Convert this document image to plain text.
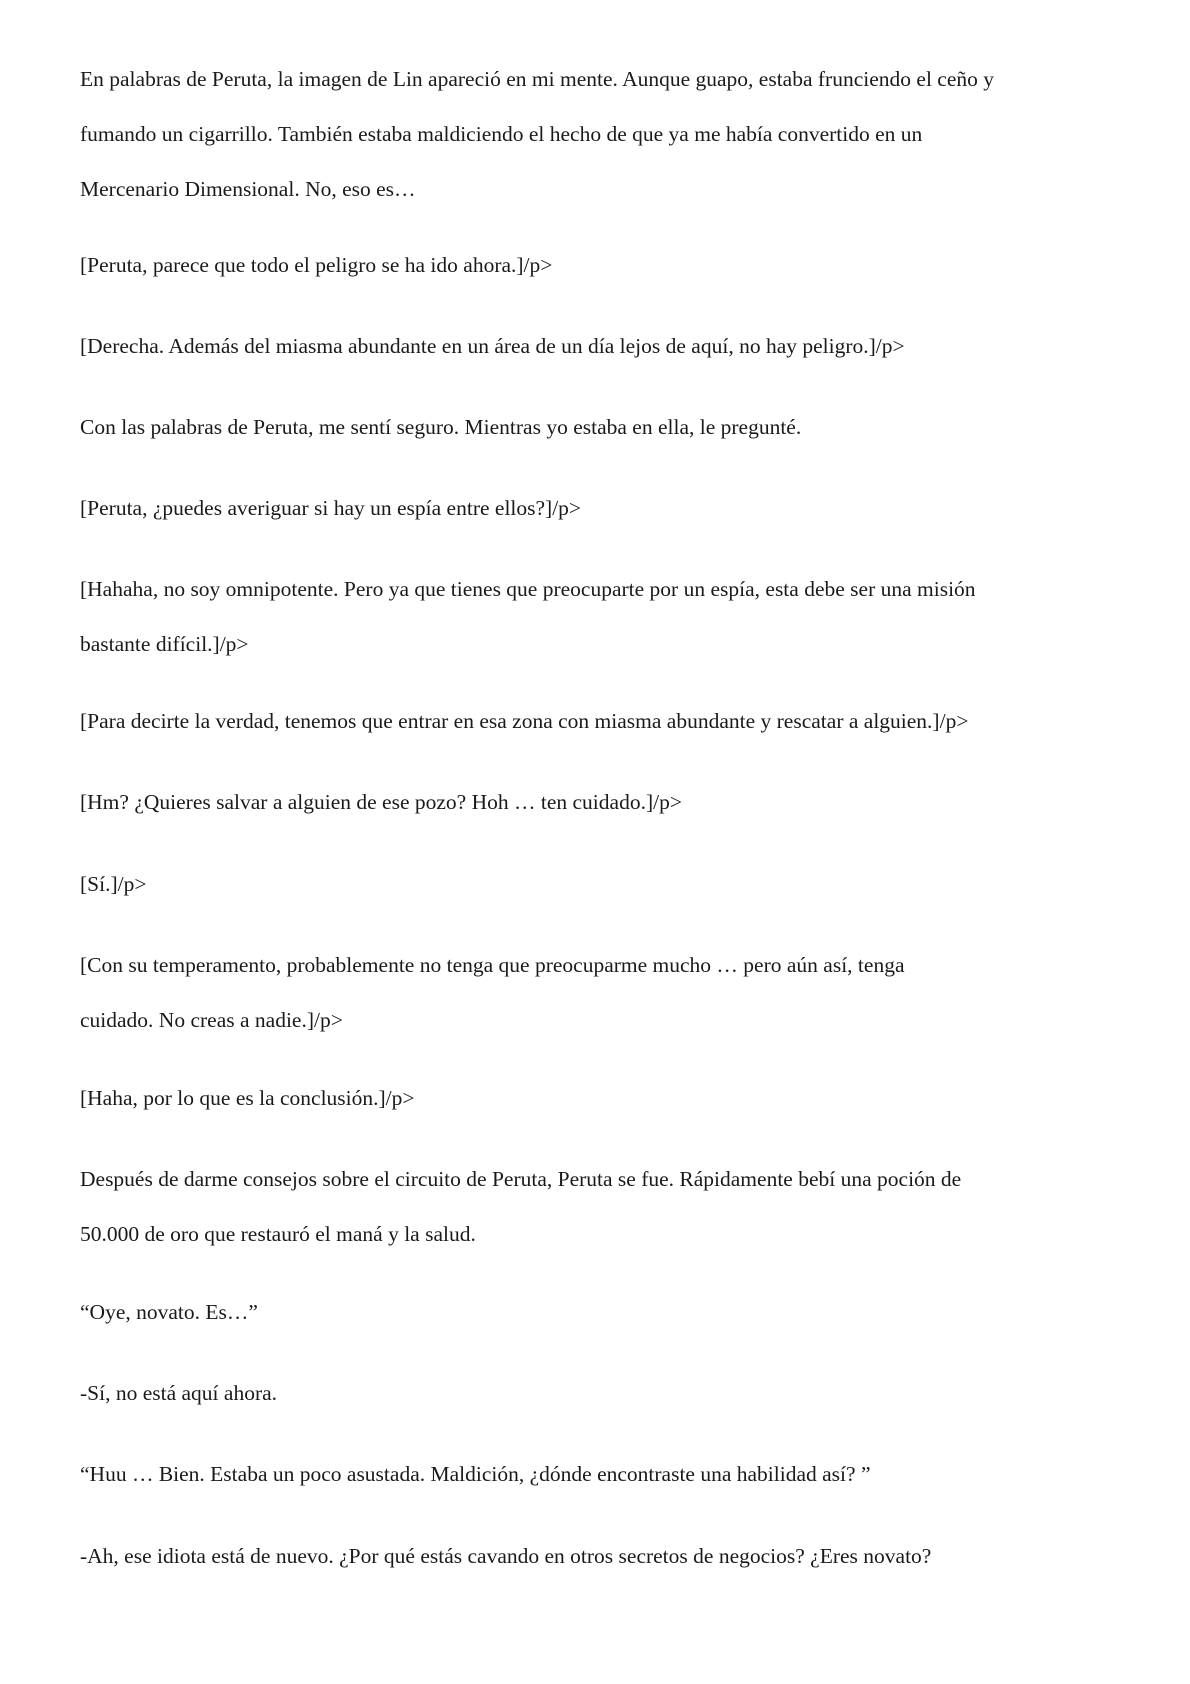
En palabras de Peruta, la imagen de Lin apareció en mi mente. Aunque guapo, estaba frunciendo el ceño y
fumando un cigarrillo. También estaba maldiciendo el hecho de que ya me había convertido en un
Mercenario Dimensional. No, eso es…

[Peruta, parece que todo el peligro se ha ido ahora.]/p>

[Derecha. Además del miasma abundante en un área de un día lejos de aquí, no hay peligro.]/p>

Con las palabras de Peruta, me sentí seguro. Mientras yo estaba en ella, le pregunté.

[Peruta, ¿puedes averiguar si hay un espía entre ellos?]/p>

[Hahaha, no soy omnipotente. Pero ya que tienes que preocuparte por un espía, esta debe ser una misión
bastante difícil.]/p>

[Para decirte la verdad, tenemos que entrar en esa zona con miasma abundante y rescatar a alguien.]/p>

[Hm? ¿Quieres salvar a alguien de ese pozo? Hoh … ten cuidado.]/p>

[Sí.]/p>

[Con su temperamento, probablemente no tenga que preocuparme mucho … pero aún así, tenga
cuidado. No creas a nadie.]/p>

[Haha, por lo que es la conclusión.]/p>

Después de darme consejos sobre el circuito de Peruta, Peruta se fue. Rápidamente bebí una poción de
50.000 de oro que restauró el maná y la salud.

“Oye, novato. Es…”

-Sí, no está aquí ahora.

“Huu … Bien. Estaba un poco asustada. Maldición, ¿dónde encontraste una habilidad así? ”

-Ah, ese idiota está de nuevo. ¿Por qué estás cavando en otros secretos de negocios? ¿Eres novato?
